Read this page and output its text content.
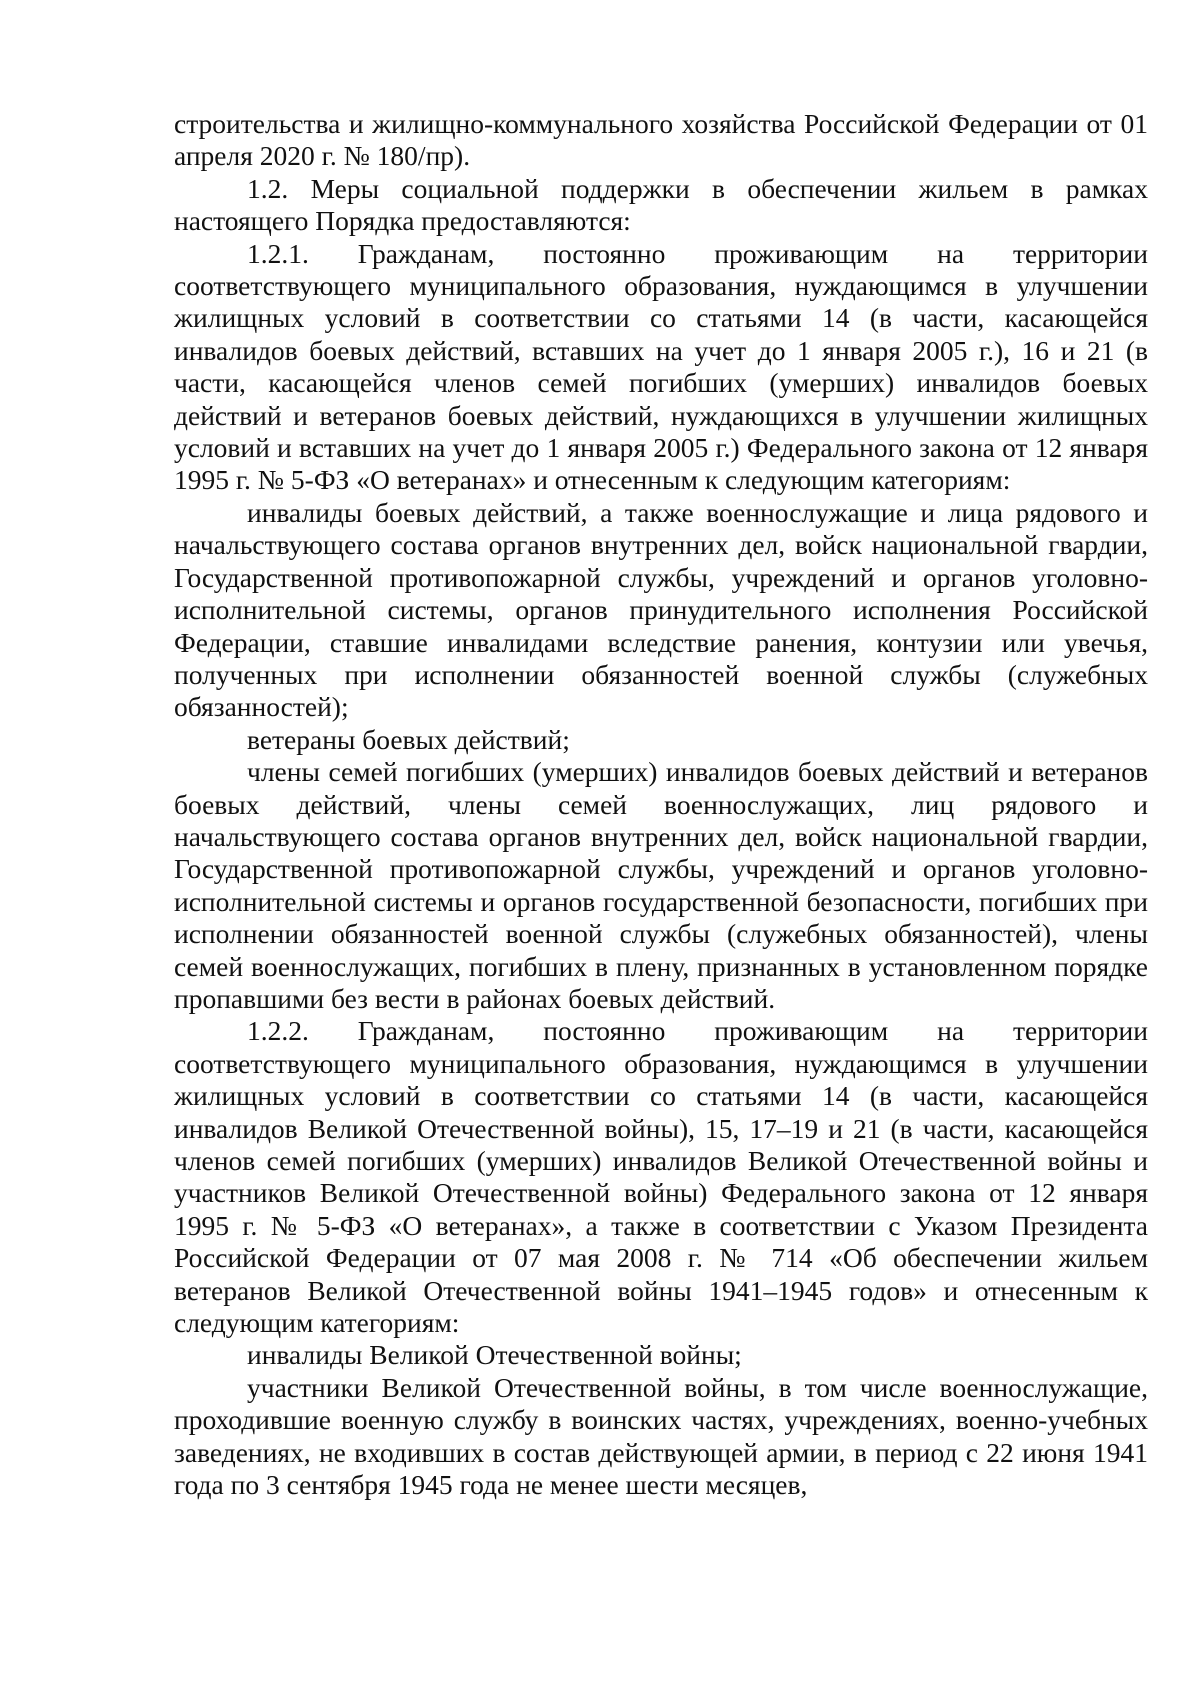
строительства и жилищно-коммунального хозяйства Российской Федерации от 01 апреля 2020 г. № 180/пр).

1.2. Меры социальной поддержки в обеспечении жильем в рамках настоящего Порядка предоставляются:

1.2.1. Гражданам, постоянно проживающим на территории соответствующего муниципального образования, нуждающимся в улучшении жилищных условий в соответствии со статьями 14 (в части, касающейся инвалидов боевых действий, вставших на учет до 1 января 2005 г.), 16 и 21 (в части, касающейся членов семей погибших (умерших) инвалидов боевых действий и ветеранов боевых действий, нуждающихся в улучшении жилищных условий и вставших на учет до 1 января 2005 г.) Федерального закона от 12 января 1995 г. № 5-ФЗ «О ветеранах» и отнесенным к следующим категориям:

инвалиды боевых действий, а также военнослужащие и лица рядового и начальствующего состава органов внутренних дел, войск национальной гвардии, Государственной противопожарной службы, учреждений и органов уголовно-исполнительной системы, органов принудительного исполнения Российской Федерации, ставшие инвалидами вследствие ранения, контузии или увечья, полученных при исполнении обязанностей военной службы (служебных обязанностей);

ветераны боевых действий;

члены семей погибших (умерших) инвалидов боевых действий и ветеранов боевых действий, члены семей военнослужащих, лиц рядового и начальствующего состава органов внутренних дел, войск национальной гвардии, Государственной противопожарной службы, учреждений и органов уголовно-исполнительной системы и органов государственной безопасности, погибших при исполнении обязанностей военной службы (служебных обязанностей), члены семей военнослужащих, погибших в плену, признанных в установленном порядке пропавшими без вести в районах боевых действий.

1.2.2. Гражданам, постоянно проживающим на территории соответствующего муниципального образования, нуждающимся в улучшении жилищных условий в соответствии со статьями 14 (в части, касающейся инвалидов Великой Отечественной войны), 15, 17–19 и 21 (в части, касающейся членов семей погибших (умерших) инвалидов Великой Отечественной войны и участников Великой Отечественной войны) Федерального закона от 12 января 1995 г. № 5-ФЗ «О ветеранах», а также в соответствии с Указом Президента Российской Федерации от 07 мая 2008 г. № 714 «Об обеспечении жильем ветеранов Великой Отечественной войны 1941–1945 годов» и отнесенным к следующим категориям:

инвалиды Великой Отечественной войны;

участники Великой Отечественной войны, в том числе военнослужащие, проходившие военную службу в воинских частях, учреждениях, военно-учебных заведениях, не входивших в состав действующей армии, в период с 22 июня 1941 года по 3 сентября 1945 года не менее шести месяцев,
